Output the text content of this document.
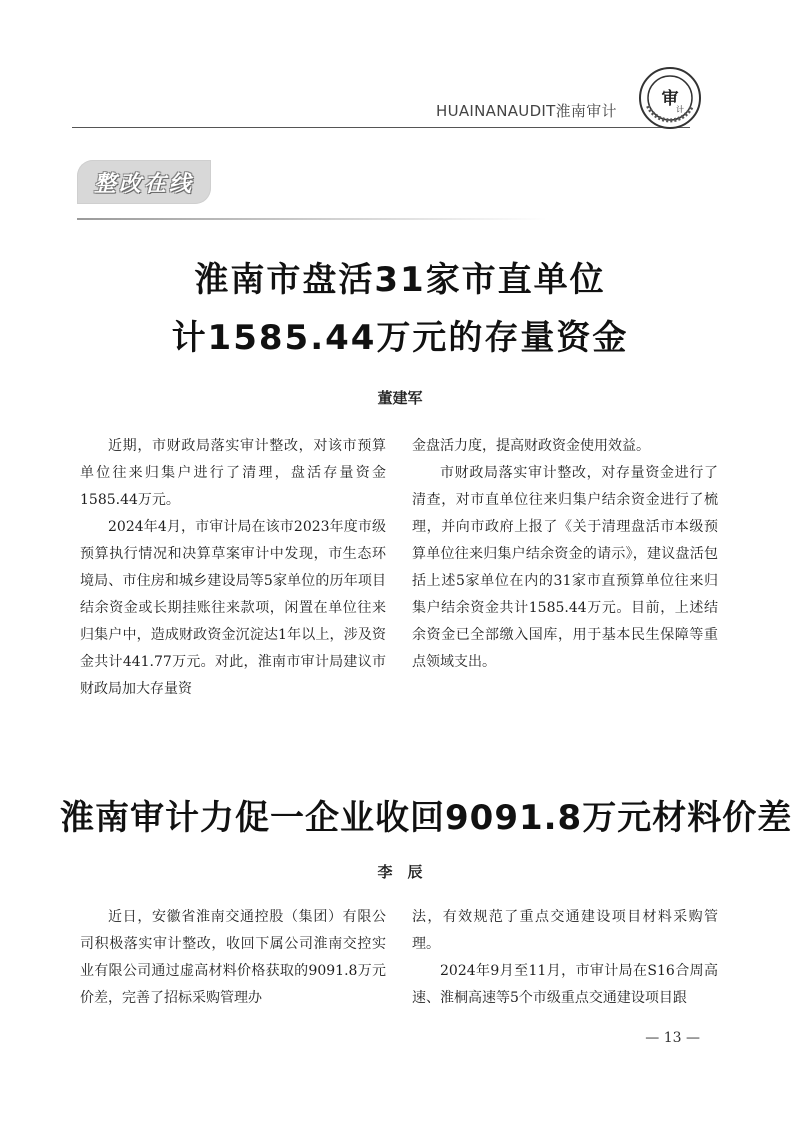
HUAINANAUDIT淮南审计
审
计
整改在线
淮南市盘活31家市直单位
计1585.44万元的存量资金
董建军

近期，市财政局落实审计整改，对该市预算单位往来归集户进行了清理，盘活存量资金1585.44万元。

2024年4月，市审计局在该市2023年度市级预算执行情况和决算草案审计中发现，市生态环境局、市住房和城乡建设局等5家单位的历年项目结余资金或长期挂账往来款项，闲置在单位往来归集户中，造成财政资金沉淀达1年以上，涉及资金共计441.77万元。对此，淮南市审计局建议市财政局加大存量资

金盘活力度，提高财政资金使用效益。

市财政局落实审计整改，对存量资金进行了清查，对市直单位往来归集户结余资金进行了梳理，并向市政府上报了《关于清理盘活市本级预算单位往来归集户结余资金的请示》，建议盘活包括上述5家单位在内的31家市直预算单位往来归集户结余资金共计1585.44万元。目前，上述结余资金已全部缴入国库，用于基本民生保障等重点领域支出。

淮南审计力促一企业收回9091.8万元材料价差
李　辰

近日，安徽省淮南交通控股（集团）有限公司积极落实审计整改，收回下属公司淮南交控实业有限公司通过虚高材料价格获取的9091.8万元价差，完善了招标采购管理办

法，有效规范了重点交通建设项目材料采购管理。

2024年9月至11月，市审计局在S16合周高速、淮桐高速等5个市级重点交通建设项目跟

— 13 —
